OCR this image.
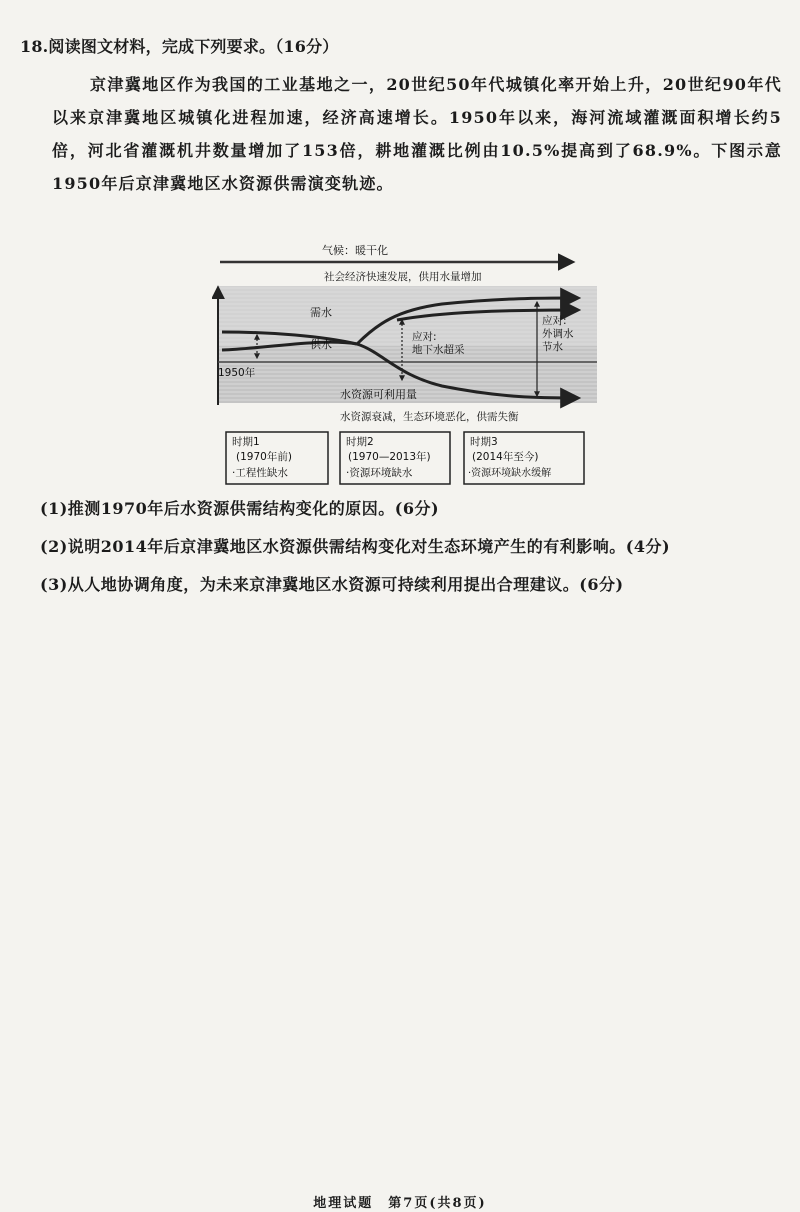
18.阅读图文材料，完成下列要求。（16分）
京津冀地区作为我国的工业基地之一，20世纪50年代城镇化率开始上升，20世纪90年代以来京津冀地区城镇化进程加速，经济高速增长。1950年以来，海河流域灌溉面积增长约5倍，河北省灌溉机井数量增加了153倍，耕地灌溉比例由10.5%提高到了68.9%。下图示意1950年后京津冀地区水资源供需演变轨迹。
气候：暖干化
社会经济快速发展，供用水量增加
需水
供水
1950年
应对:
地下水超采
应对:
外调水
节水
水资源可利用量
水资源衰减，生态环境恶化，供需失衡
时期1
(1970年前)
·工程性缺水
时期2
(1970—2013年)
·资源环境缺水
时期3
(2014年至今)
·资源环境缺水缓解
(1)推测1970年后水资源供需结构变化的原因。(6分)
(2)说明2014年后京津冀地区水资源供需结构变化对生态环境产生的有利影响。(4分)
(3)从人地协调角度，为未来京津冀地区水资源可持续利用提出合理建议。(6分)
地理试题　第7页(共8页)
